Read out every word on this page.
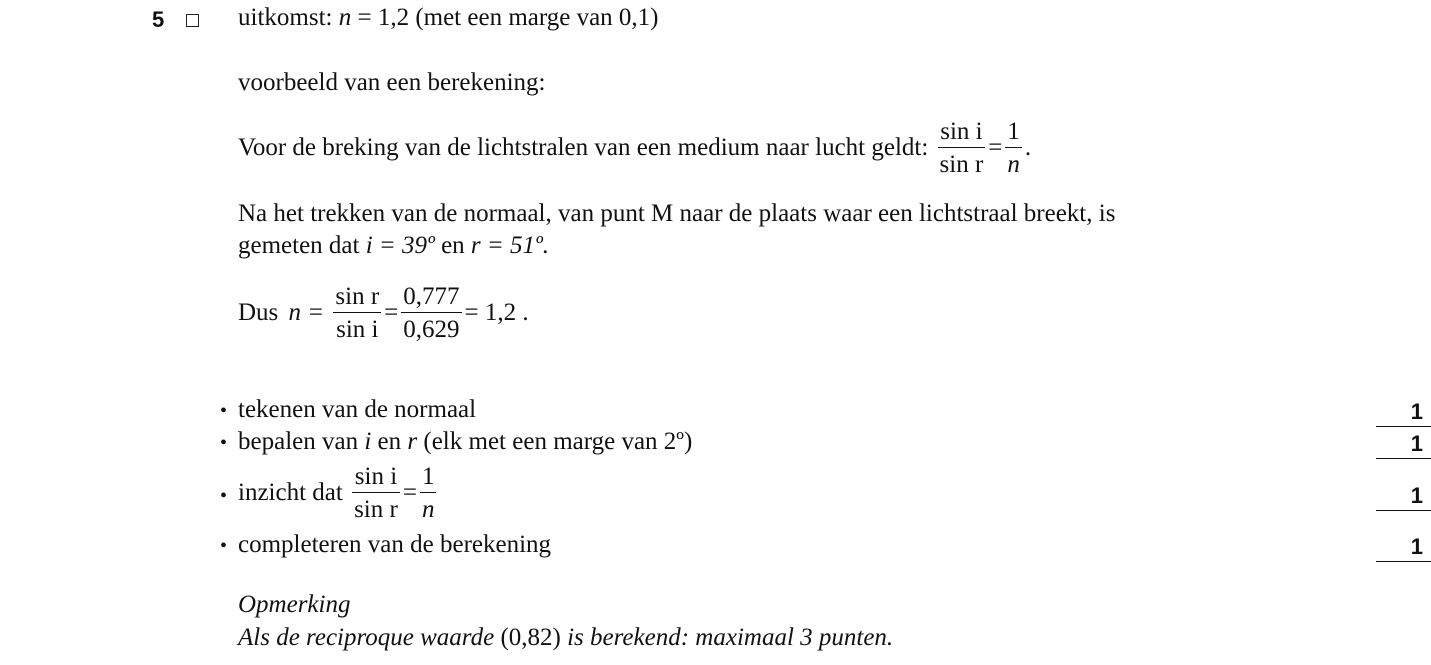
5	uitkomst: n = 1,2 (met een marge van 0,1)
voorbeeld van een berekening:
Voor de breking van de lichtstralen van een medium naar lucht geldt: $\frac{\text{sin i}}{\text{sin r}} = \frac{1}{n}$ .
Na het trekken van de normaal, van punt M naar de plaats waar een lichtstraal breekt, is
gemeten dat i = 39º en r = 51º.
Dus $n = \frac{\text{sin r}}{\text{sin i}} = \frac{0,777}{0,629} = 1,2$ .
• tekenen van de normaal	1
• bepalen van i en r (elk met een marge van 2º)	1
• inzicht dat $\frac{\text{sin i}}{\text{sin r}} = \frac{1}{n}$	1
• completeren van de berekening	1
Opmerking
Als de reciproque waarde (0,82) is berekend: maximaal 3 punten.
